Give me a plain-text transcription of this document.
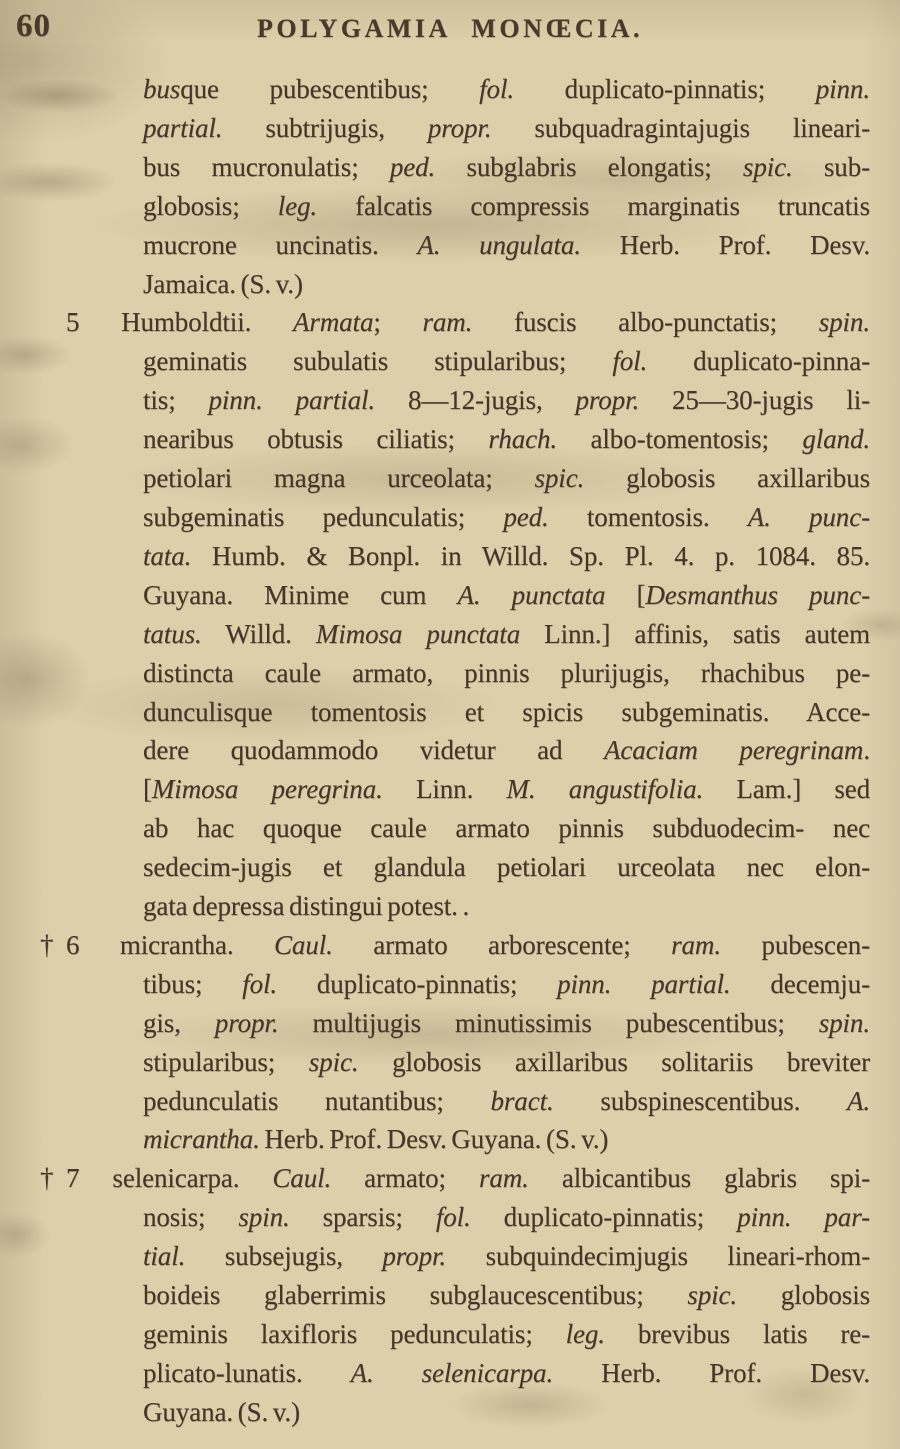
60	POLYGAMIA MONŒCIA.
busque pubescentibus; fol. duplicato-pinnatis; pinn.
partial. subtrijugis, propr. subquadragintajugis lineari-
bus mucronulatis; ped. subglabris elongatis; spic. sub-
globosis; leg. falcatis compressis marginatis truncatis
mucrone uncinatis. A. ungulata. Herb. Prof. Desv.
Jamaica. (S. v.)
5 Humboldtii. Armata; ram. fuscis albo-punctatis; spin.
geminatis subulatis stipularibus; fol. duplicato-pinna-
tis; pinn. partial. 8—12-jugis, propr. 25—30-jugis li-
nearibus obtusis ciliatis; rhach. albo-tomentosis; gland.
petiolari magna urceolata; spic. globosis axillaribus
subgeminatis pedunculatis; ped. tomentosis. A. punc-
tata. Humb. & Bonpl. in Willd. Sp. Pl. 4. p. 1084. 85.
Guyana. Minime cum A. punctata [Desmanthus punc-
tatus. Willd. Mimosa punctata Linn.] affinis, satis autem
distincta caule armato, pinnis plurijugis, rhachibus pe-
dunculisque tomentosis et spicis subgeminatis. Acce-
dere quodammodo videtur ad Acaciam peregrinam.
[Mimosa peregrina. Linn. M. angustifolia. Lam.] sed
ab hac quoque caule armato pinnis subduodecim- nec
sedecim-jugis et glandula petiolari urceolata nec elon-
gata depressa distingui potest. .
† 6 micrantha. Caul. armato arborescente; ram. pubescen-
tibus; fol. duplicato-pinnatis; pinn. partial. decemju-
gis, propr. multijugis minutissimis pubescentibus; spin.
stipularibus; spic. globosis axillaribus solitariis breviter
pedunculatis nutantibus; bract. subspinescentibus. A.
micrantha. Herb. Prof. Desv. Guyana. (S. v.)
† 7 selenicarpa. Caul. armato; ram. albicantibus glabris spi-
nosis; spin. sparsis; fol. duplicato-pinnatis; pinn. par-
tial. subsejugis, propr. subquindecimjugis lineari-rhom-
boideis glaberrimis subglaucescentibus; spic. globosis
geminis laxifloris pedunculatis; leg. brevibus latis re-
plicato-lunatis. A. selenicarpa. Herb. Prof. Desv.
Guyana. (S. v.)
